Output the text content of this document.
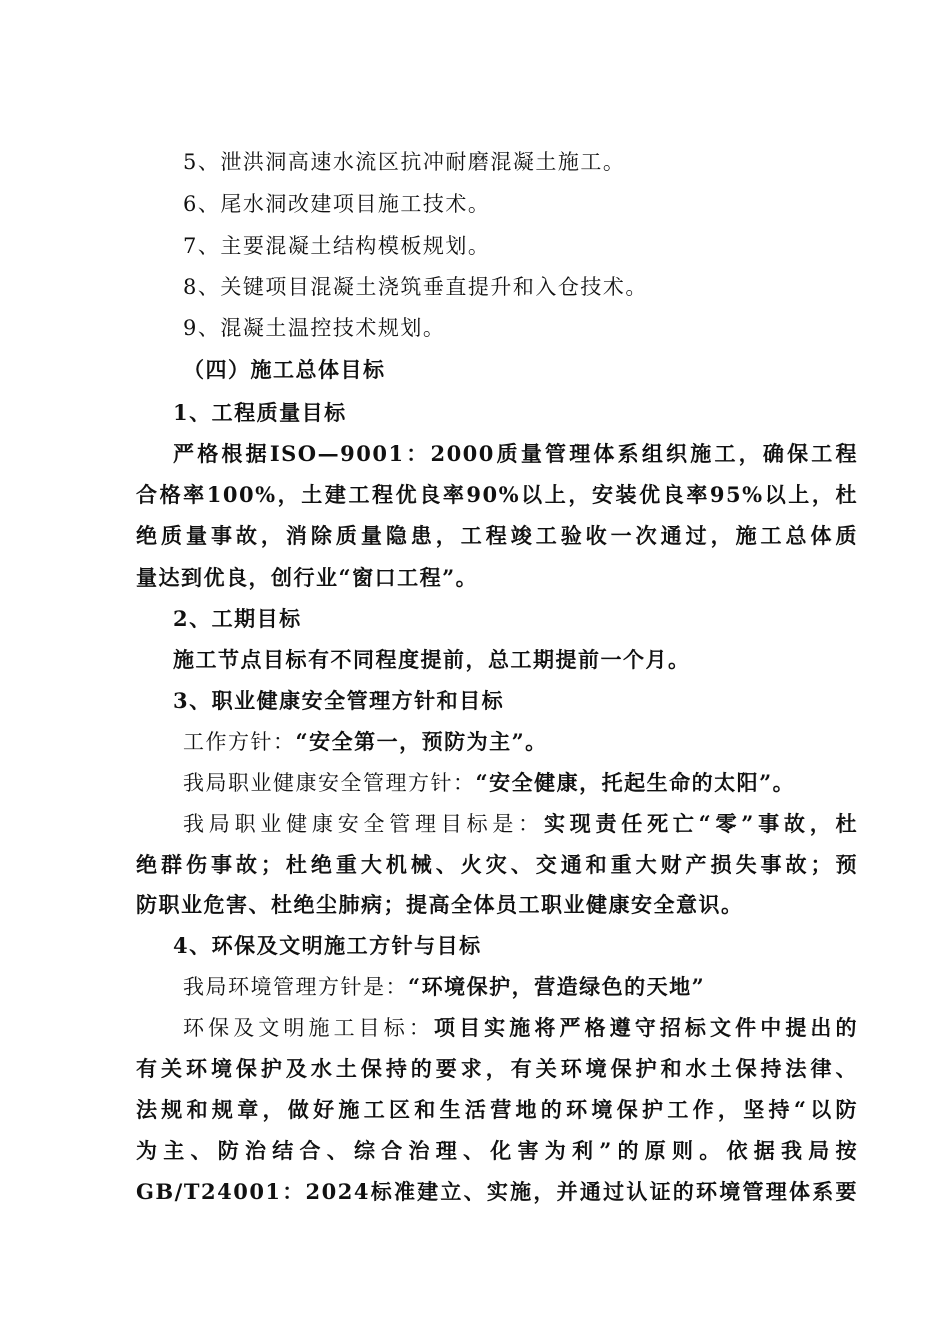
5、泄洪洞高速水流区抗冲耐磨混凝土施工。
6、尾水洞改建项目施工技术。
7、主要混凝土结构模板规划。
8、关键项目混凝土浇筑垂直提升和入仓技术。
9、混凝土温控技术规划。
（四）施工总体目标
1、工程质量目标
严格根据ISO—9001：2000质量管理体系组织施工，确保工程
合格率100%，土建工程优良率90%以上，安装优良率95%以上，杜
绝质量事故，消除质量隐患，工程竣工验收一次通过，施工总体质
量达到优良，创行业“窗口工程”。
2、工期目标
施工节点目标有不同程度提前，总工期提前一个月。
3、职业健康安全管理方针和目标
工作方针：“安全第一，预防为主”。
我局职业健康安全管理方针：“安全健康，托起生命的太阳”。
我局职业健康安全管理目标是：实现责任死亡“零”事故，杜
绝群伤事故；杜绝重大机械、火灾、交通和重大财产损失事故；预
防职业危害、杜绝尘肺病；提高全体员工职业健康安全意识。
4、环保及文明施工方针与目标
我局环境管理方针是：“环境保护，营造绿色的天地”
环保及文明施工目标：项目实施将严格遵守招标文件中提出的
有关环境保护及水土保持的要求，有关环境保护和水土保持法律、
法规和规章，做好施工区和生活营地的环境保护工作，坚持“以防
为主、防治结合、综合治理、化害为利”的原则。依据我局按
GB/T24001：2024标准建立、实施，并通过认证的环境管理体系要
